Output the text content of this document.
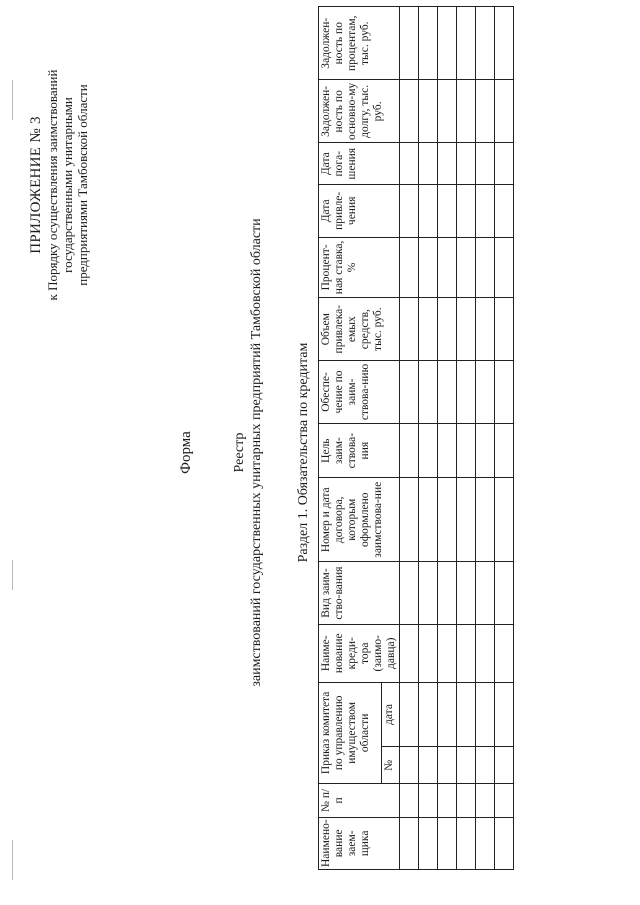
ПРИЛОЖЕНИЕ № 3 к Порядку осуществления заимствований государственными унитарными предприятиями Тамбовской области
Форма	Реестр заимствований государственных унитарных предприятий Тамбовской области Раздел 1. Обязательства по кредитам
Наимено-вание заем-щика	№ п/п	Приказ комитета по управлению имуществом области		Наиме-нование креди-тора (заимо-давца)	Вид заим-ство-вания	Номер и дата договора, которым оформлено заимствова-ние	Цель заим-ствова-ния	Обеспе-чение по заим-ствова-нию	Объем привлека-емых средств, тыс. руб.	Процент-ная ставка, %	Дата привле-чения	Дата пога-шения	Задолжен-ность по основно-му долгу, тыс. руб.	Задолжен-ность по процентам, тыс. руб.
		№	дата											
